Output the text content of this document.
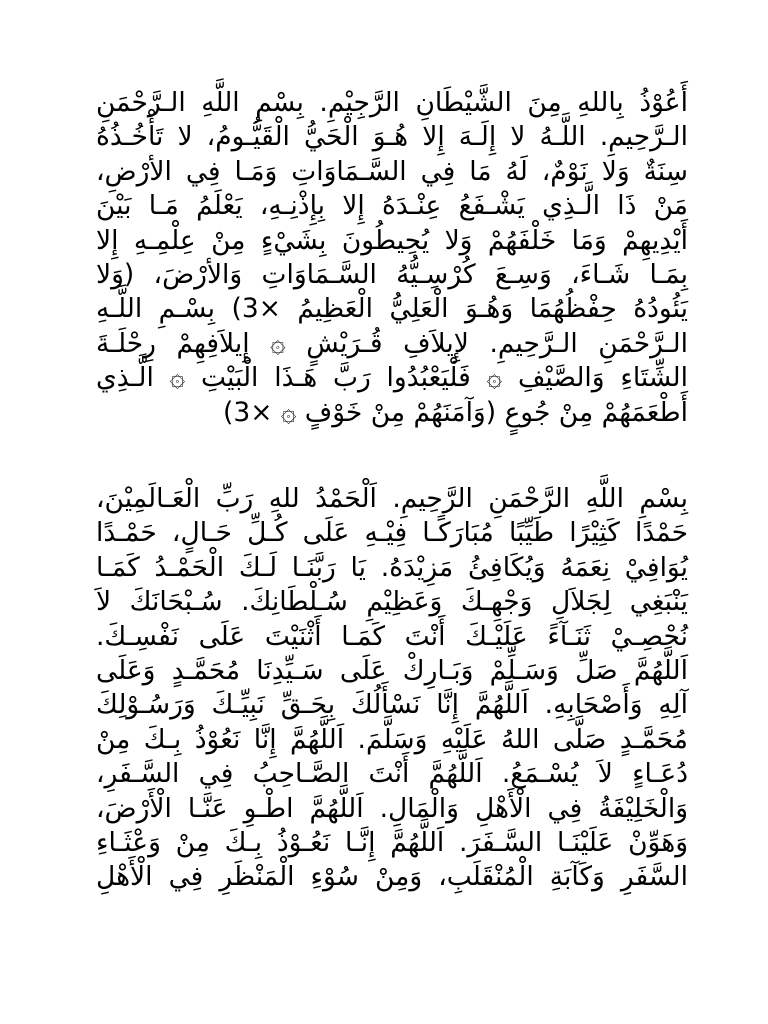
أَعُوْذُ بِاللهِ مِنَ الشَّيْطَانِ الرَّجِيْمِ. بِسْمِ اللَّهِ الـرَّحْمَنِ
الـرَّحِيمِ. اللَّـهُ لا إِلَـهَ إِلا هُـوَ الْحَيُّ الْقَيُّـومُ، لا تَأْخُـذُهُ
سِنَةٌ وَلا نَوْمٌ، لَهُ مَا فِي السَّـمَاوَاتِ وَمَـا فِي الأرْضِ،
مَنْ ذَا الَّـذِي يَشْـفَعُ عِنْـدَهُ إِلا بِإِذْنِـهِ، يَعْلَمُ مَـا بَيْنَ
أَيْدِيهِمْ وَمَا خَلْفَهُمْ وَلا يُحِيطُونَ بِشَيْءٍ مِنْ عِلْمِـهِ إِلا
بِمَـا شَـاءَ، وَسِـعَ كُرْسِـيُّهُ السَّـمَاوَاتِ وَالأرْضَ، (وَلا
يَئُودُهُ حِفْظُهُمَا وَهُـوَ الْعَلِيُّ الْعَظِيمُ ×3) بِسْـمِ اللَّـهِ
الـرَّحْمَنِ الـرَّحِيمِ. لإِيلاَفِ قُـرَيْشٍ ۞ إِيلاَفِهِمْ رِحْلَـةَ
الشِّتَاءِ وَالصَّيْفِ ۞ فَلْيَعْبُدُوا رَبَّ هَـذَا الْبَيْتِ ۞ الَّـذِي
أَطْعَمَهُمْ مِنْ جُوعٍ (وَآمَنَهُمْ مِنْ خَوْفٍ ۞ ×3)
بِسْمِ اللَّهِ الرَّحْمَنِ الرَّحِيمِ. اَلْحَمْدُ للهِ رَبِّ الْعَـالَمِيْنَ،
حَمْدًا كَثِيْرًا طَيِّبًا مُبَارَكًـا فِيْـهِ عَلَى كُـلِّ حَـالٍ، حَمْـدًا
يُوَافِيْ نِعَمَهُ وَيُكَافِئُ مَزِيْدَهُ. يَا رَبَّنَـا لَـكَ الْحَمْـدُ كَمَـا
يَنْبَغِي لِجَلاَلِ وَجْهِـكَ وَعَظِيْمِ سُـلْطَانِكَ. سُـبْحَانَكَ لاَ
نُحْصِـيْ ثَنَـآءً عَلَيْـكَ أَنْتَ كَمَـا أَثْنَيْتَ عَلَى نَفْسِـكَ.
اَللَّهُمَّ صَلِّ وَسَـلِّمْ وَبَـارِكْ عَلَى سَـيِّدِنَا مُحَمَّـدٍ وَعَلَى
آلِهِ وَأَصْحَابِهِ. اَللَّهُمَّ إِنَّا نَسْأَلُكَ بِحَـقِّ نَبِيِّـكَ وَرَسُـوْلِكَ
مُحَمَّـدٍ صَلَّى اللهُ عَلَيْهِ وَسَلَّمَ. اَللَّهُمَّ إِنَّا نَعُوْذُ بِـكَ مِنْ
دُعَـاءٍ لاَ يُسْـمَعُ. اَللَّهُمَّ أَنْتَ الصَّـاحِبُ فِي السَّـفَرِ،
وَالْخَلِيْفَةُ فِي الْأَهْلِ وَالْمَالِ. اَللَّهُمَّ اطْـوِ عَنَّـا الْأَرْضَ،
وَهَوِّنْ عَلَيْنَـا السَّـفَرَ. اَللَّهُمَّ إِنَّـا نَعُـوْذُ بِـكَ مِنْ وَعْثَـاءِ
السَّفَرِ وَكَآبَةِ الْمُنْقَلَبِ، وَمِنْ سُوْءِ الْمَنْظَرِ فِي الْأَهْلِ
